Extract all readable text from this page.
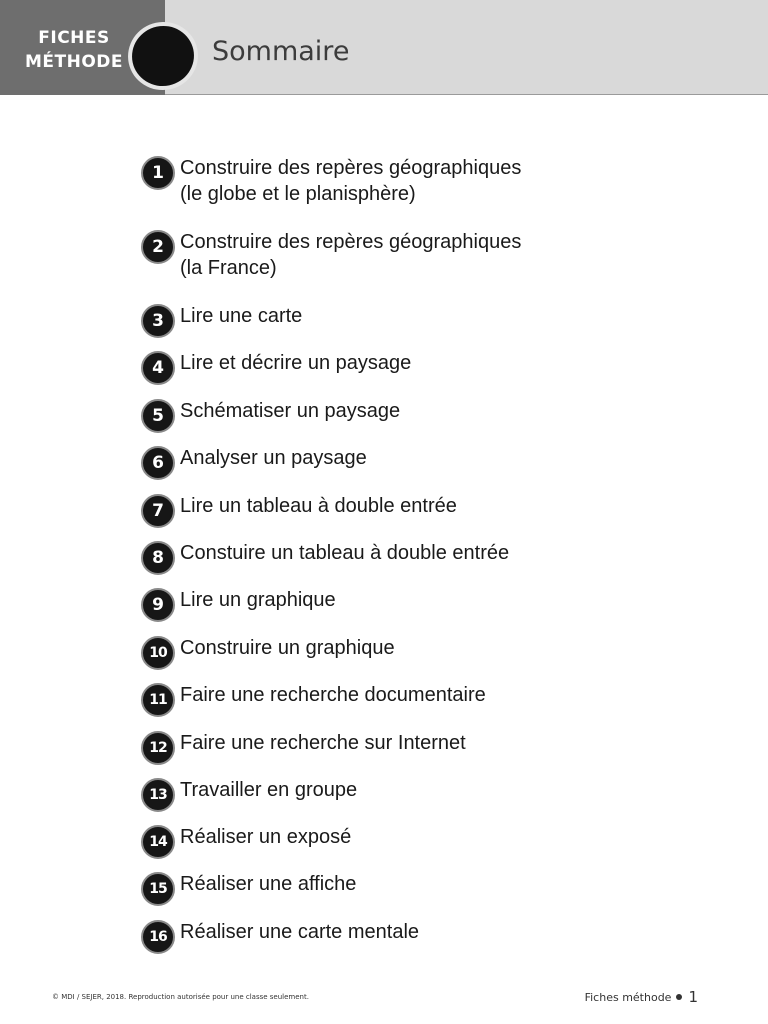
FICHES
MÉTHODE	Sommaire
1 Construire des repères géographiques
(le globe et le planisphère)
2 Construire des repères géographiques
(la France)
3 Lire une carte
4 Lire et décrire un paysage
5 Schématiser un paysage
6 Analyser un paysage
7 Lire un tableau à double entrée
8 Constuire un tableau à double entrée
9 Lire un graphique
10 Construire un graphique
11 Faire une recherche documentaire
12 Faire une recherche sur Internet
13 Travailler en groupe
14 Réaliser un exposé
15 Réaliser une affiche
16 Réaliser une carte mentale
© MDI / SEJER, 2018. Reproduction autorisée pour une classe seulement.	Fiches méthode 1
